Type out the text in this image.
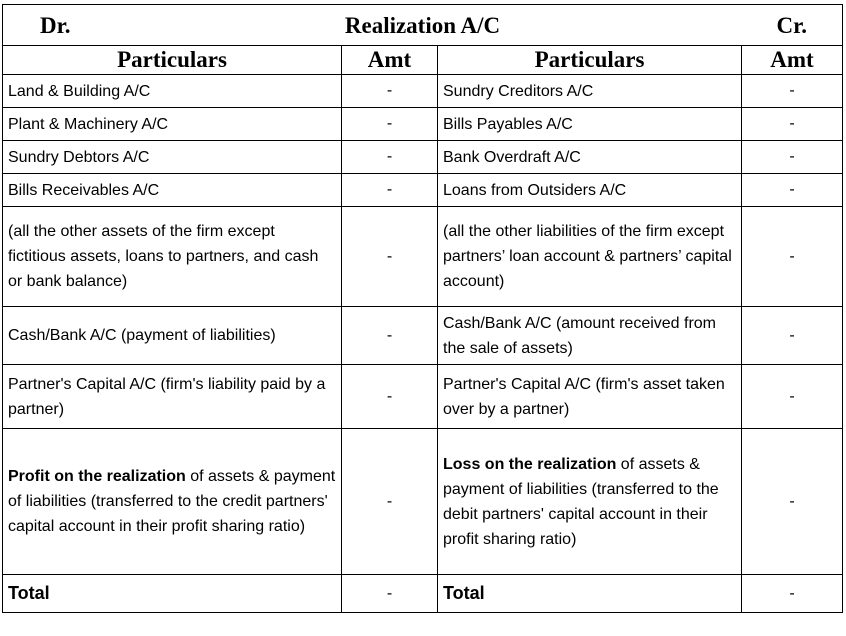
Realization A/C
Dr. Cr.			

Particulars	Amt	Particulars	Amt
Land & Building A/C	-	Sundry Creditors A/C	-
Plant & Machinery A/C	-	Bills Payables A/C	-
Sundry Debtors A/C	-	Bank Overdraft A/C	-
Bills Receivables A/C	-	Loans from Outsiders A/C	-
(all the other assets of the firm except fictitious assets, loans to partners, and cash or bank balance)	-	(all the other liabilities of the firm except partners’ loan account & partners’ capital account)	-
Cash/Bank A/C (payment of liabilities)	-	Cash/Bank A/C (amount received from the sale of assets)	-
Partner's Capital A/C (firm's liability paid by a partner)	-	Partner's Capital A/C (firm's asset taken over by a partner)	-
Profit on the realization of assets & payment of liabilities (transferred to the credit partners' capital account in their profit sharing ratio)	-	Loss on the realization of assets & payment of liabilities (transferred to the debit partners' capital account in their profit sharing ratio)	-
Total	-	Total	-
